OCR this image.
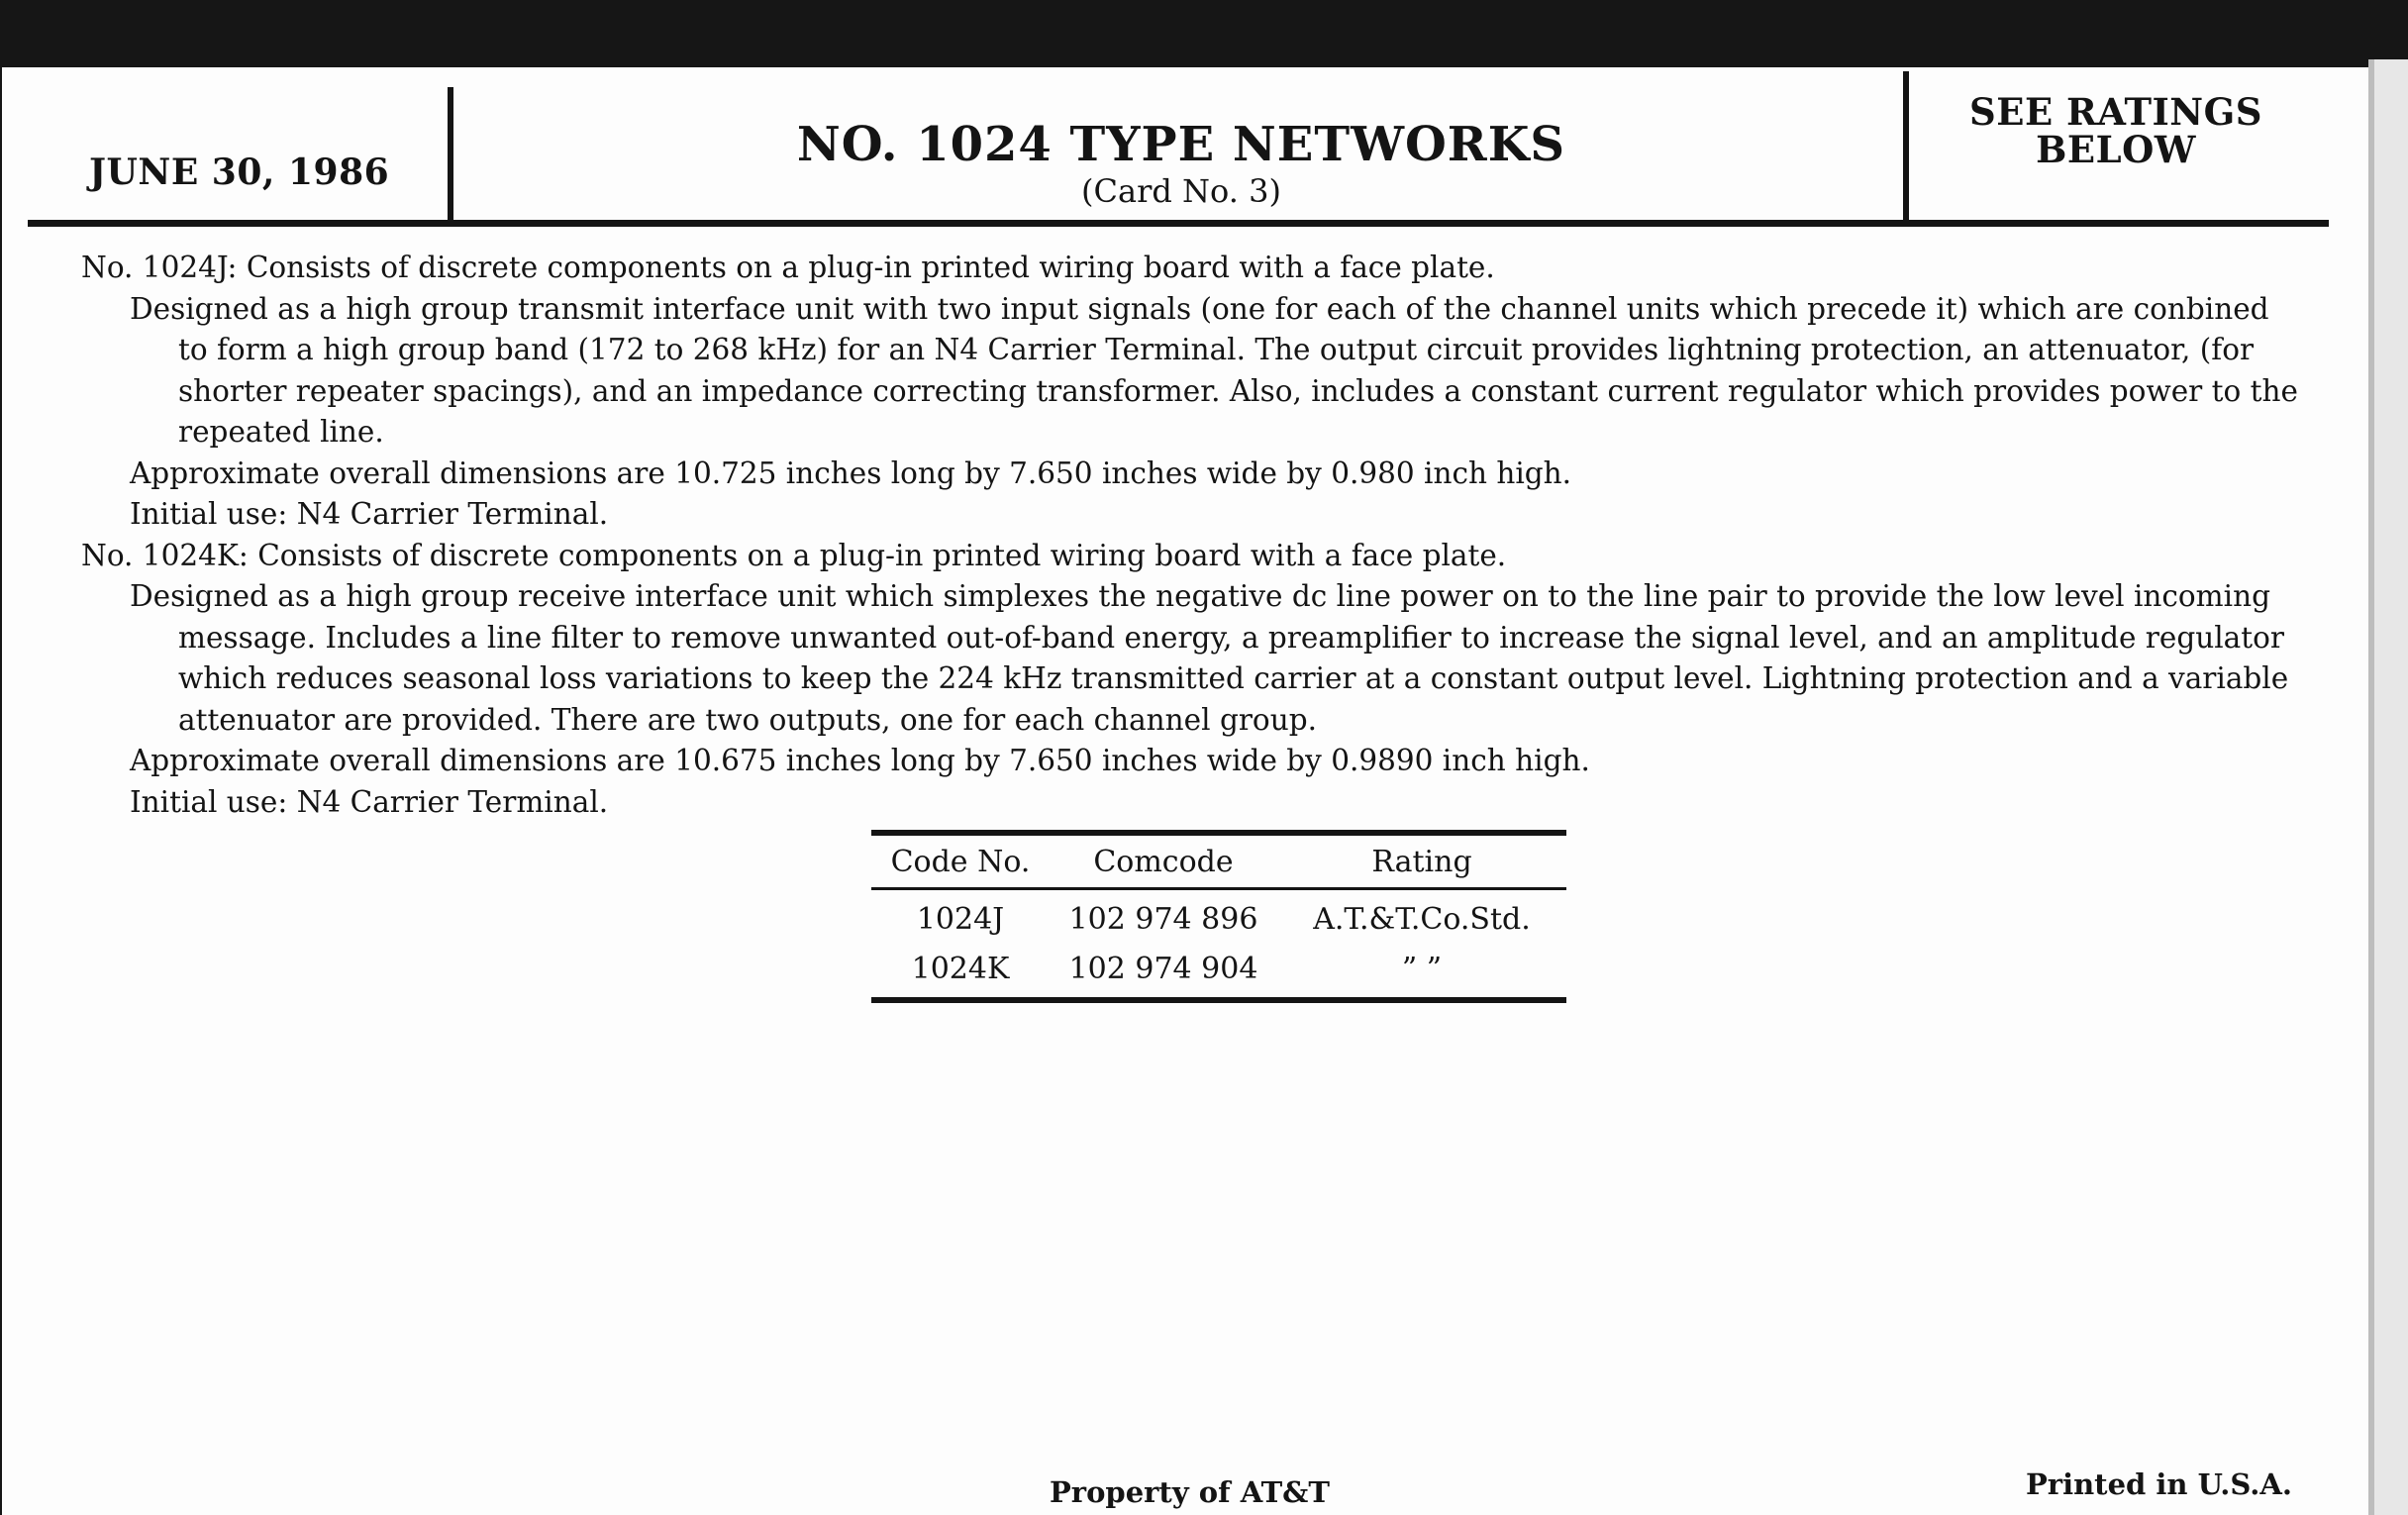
JUNE 30, 1986	NO. 1024 TYPE NETWORKS
(Card No. 3)
SEE RATINGS
BELOW

No. 1024J: Consists of discrete components on a plug-in printed wiring board with a face plate.

Designed as a high group transmit interface unit with two input signals (one for each of the channel units which precede it) which are conbined to form a high group band (172 to 268 kHz) for an N4 Carrier Terminal. The output circuit provides lightning protection, an attenuator, (for shorter repeater spacings), and an impedance correcting transformer. Also, includes a constant current regulator which provides power to the repeated line.

Approximate overall dimensions are 10.725 inches long by 7.650 inches wide by 0.980 inch high.

Initial use: N4 Carrier Terminal.

No. 1024K: Consists of discrete components on a plug-in printed wiring board with a face plate.

Designed as a high group receive interface unit which simplexes the negative dc line power on to the line pair to provide the low level incoming message. Includes a line filter to remove unwanted out-of-band energy, a preamplifier to increase the signal level, and an amplitude regulator which reduces seasonal loss variations to keep the 224 kHz transmitted carrier at a constant output level. Lightning protection and a variable attenuator are provided. There are two outputs, one for each channel group.

Approximate overall dimensions are 10.675 inches long by 7.650 inches wide by 0.9890 inch high.

Initial use: N4 Carrier Terminal.

Code No.	Comcode	Rating
1024J	102 974 896	A.T.&T.Co.Std.
1024K	102 974 904	” ”
Property of AT&T	Printed in U.S.A.
